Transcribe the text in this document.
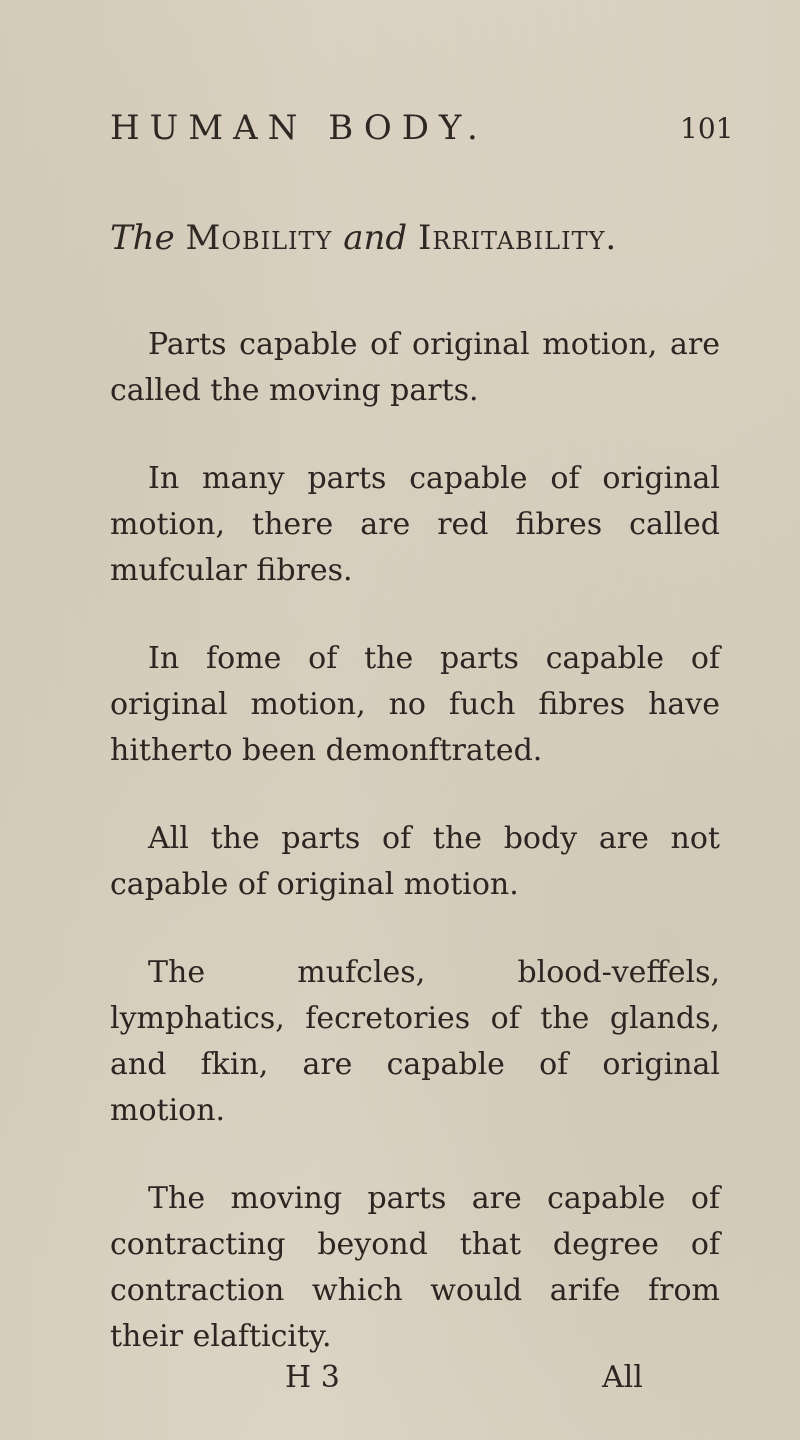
HUMAN BODY.	101
The Mobility and Irritability.

Parts capable of original motion, are called the moving parts.

In many parts capable of original motion, there are red fibres called mufcular fibres.

In fome of the parts capable of original motion, no fuch fibres have hitherto been demonftrated.

All the parts of the body are not capable of original motion.

The mufcles, blood-veffels, lymphatics, fecretories of the glands, and fkin, are capable of original motion.

The moving parts are capable of contracting beyond that degree of contraction which would arife from their elafticity.

H 3	All
